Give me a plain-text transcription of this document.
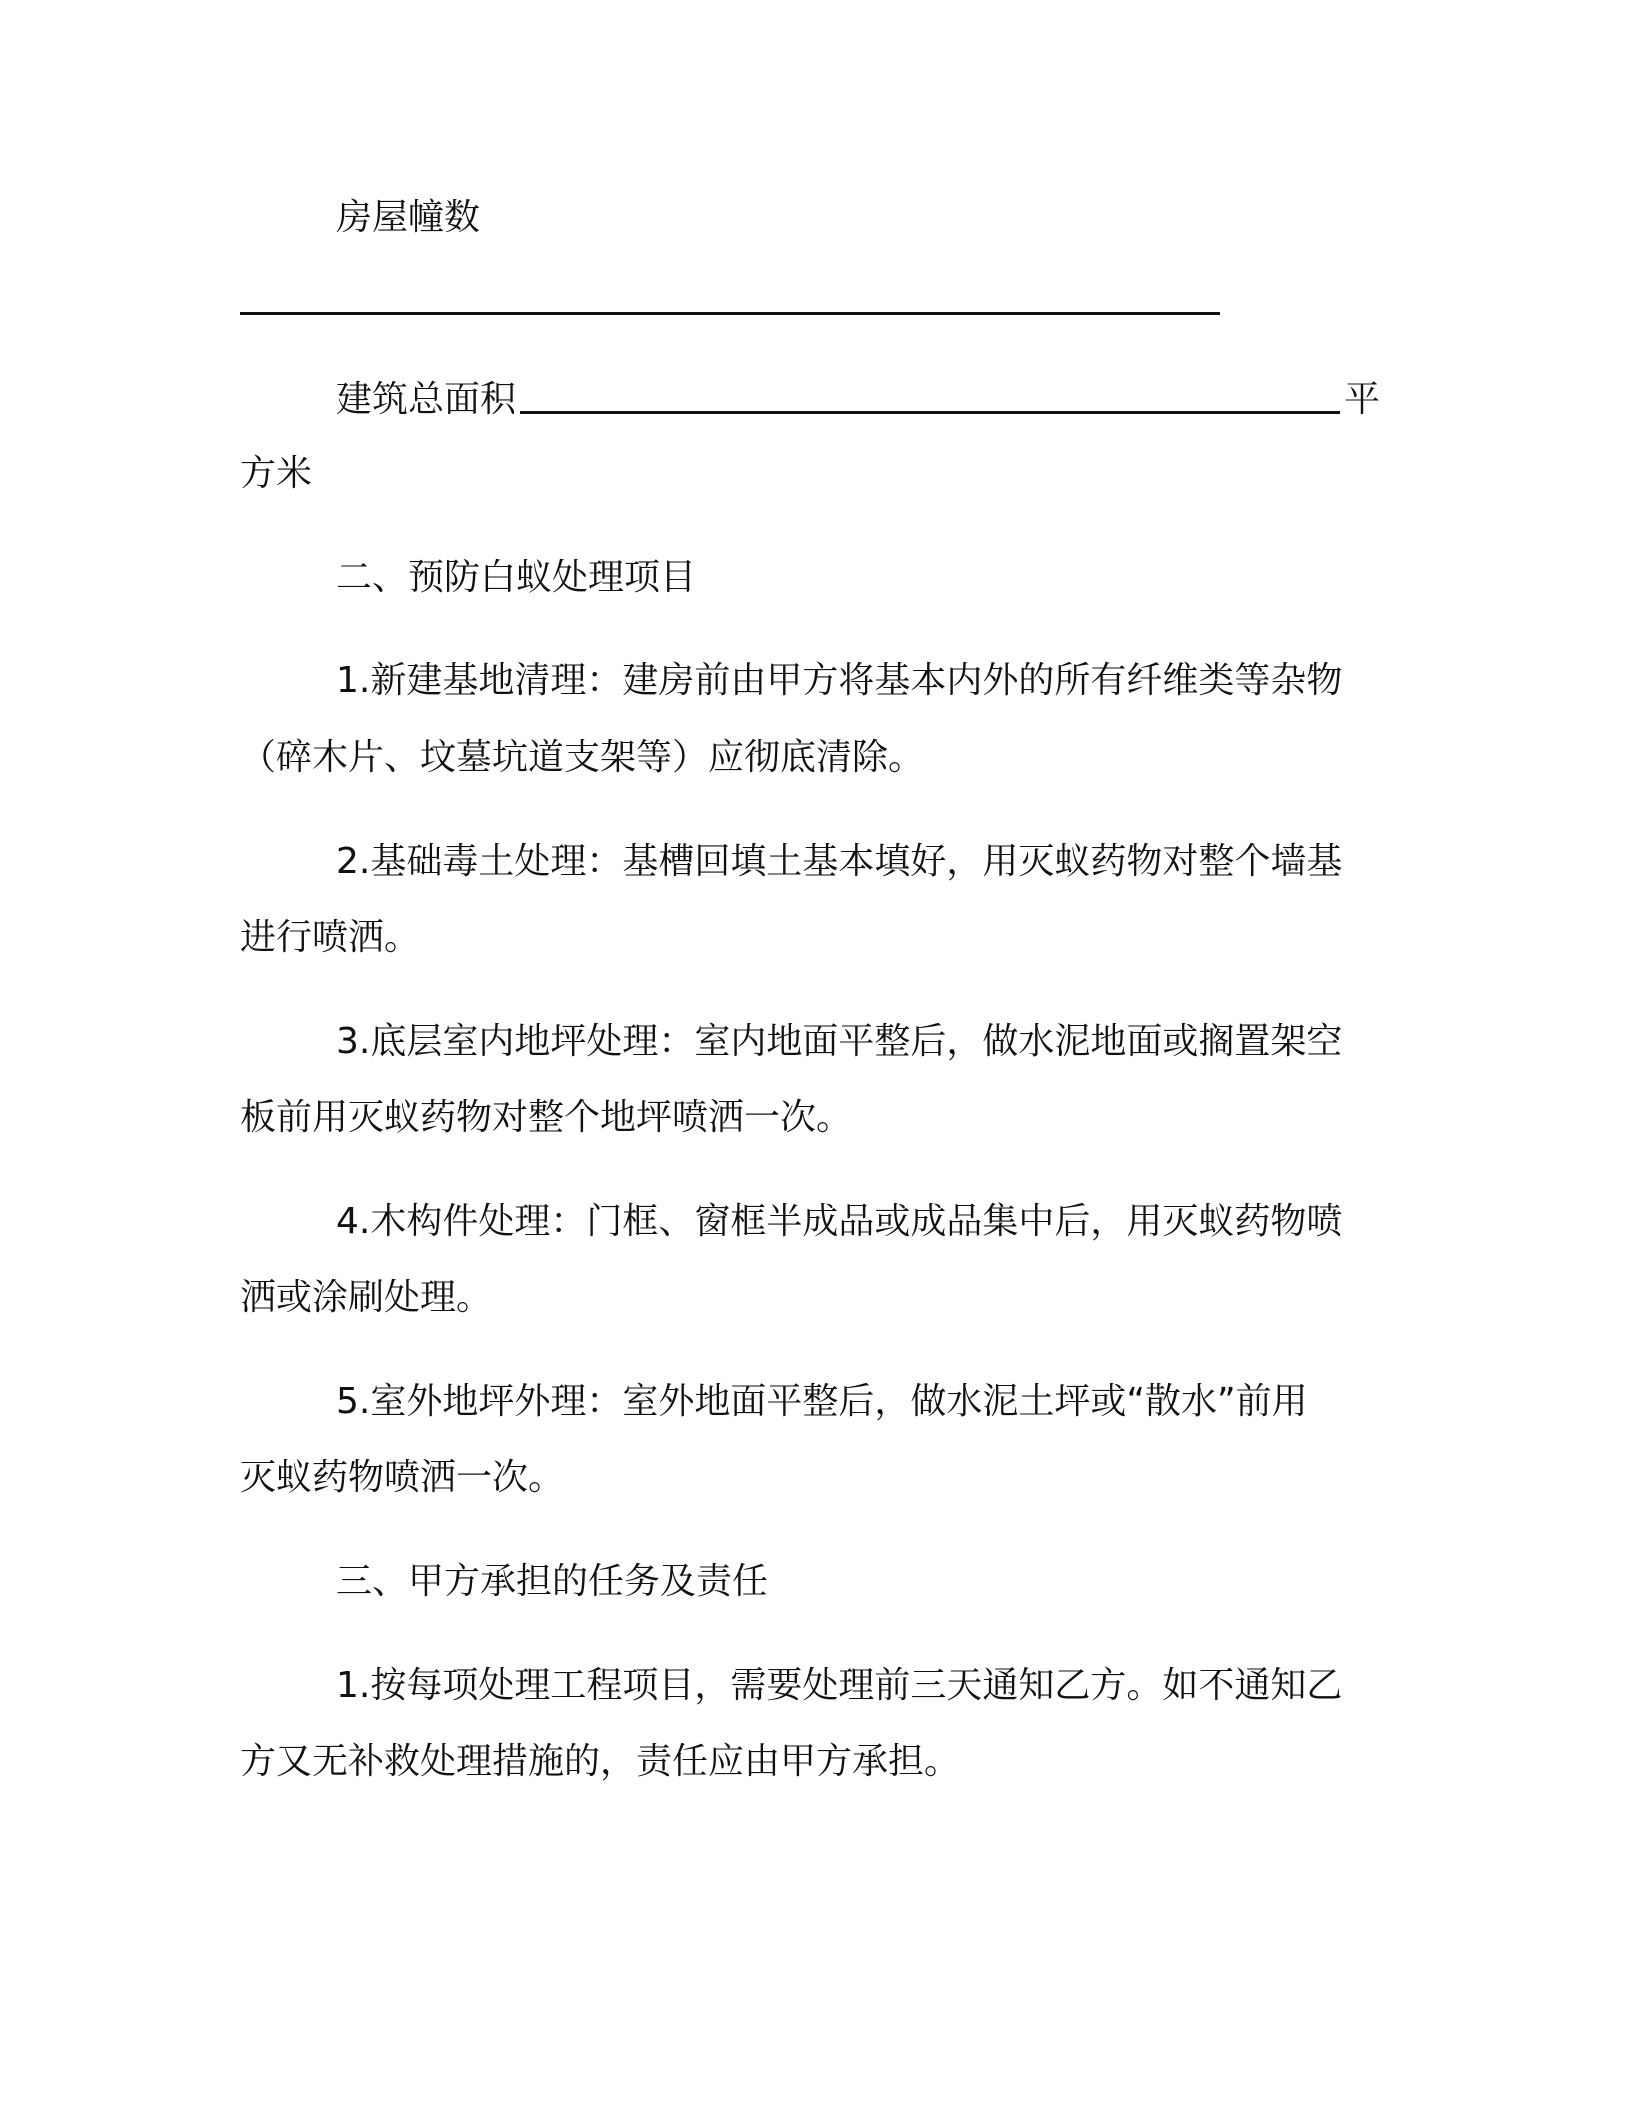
房屋幢数
建筑总面积	平
方米
二、预防白蚁处理项目
1.新建基地清理：建房前由甲方将基本内外的所有纤维类等杂物
（碎木片、坟墓坑道支架等）应彻底清除。
2.基础毒土处理：基槽回填土基本填好，用灭蚁药物对整个墙基
进行喷洒。
3.底层室内地坪处理：室内地面平整后，做水泥地面或搁置架空
板前用灭蚁药物对整个地坪喷洒一次。
4.木构件处理：门框、窗框半成品或成品集中后，用灭蚁药物喷
洒或涂刷处理。
5.室外地坪外理：室外地面平整后，做水泥土坪或“散水”前用
灭蚁药物喷洒一次。
三、甲方承担的任务及责任
1.按每项处理工程项目，需要处理前三天通知乙方。如不通知乙
方又无补救处理措施的，责任应由甲方承担。
